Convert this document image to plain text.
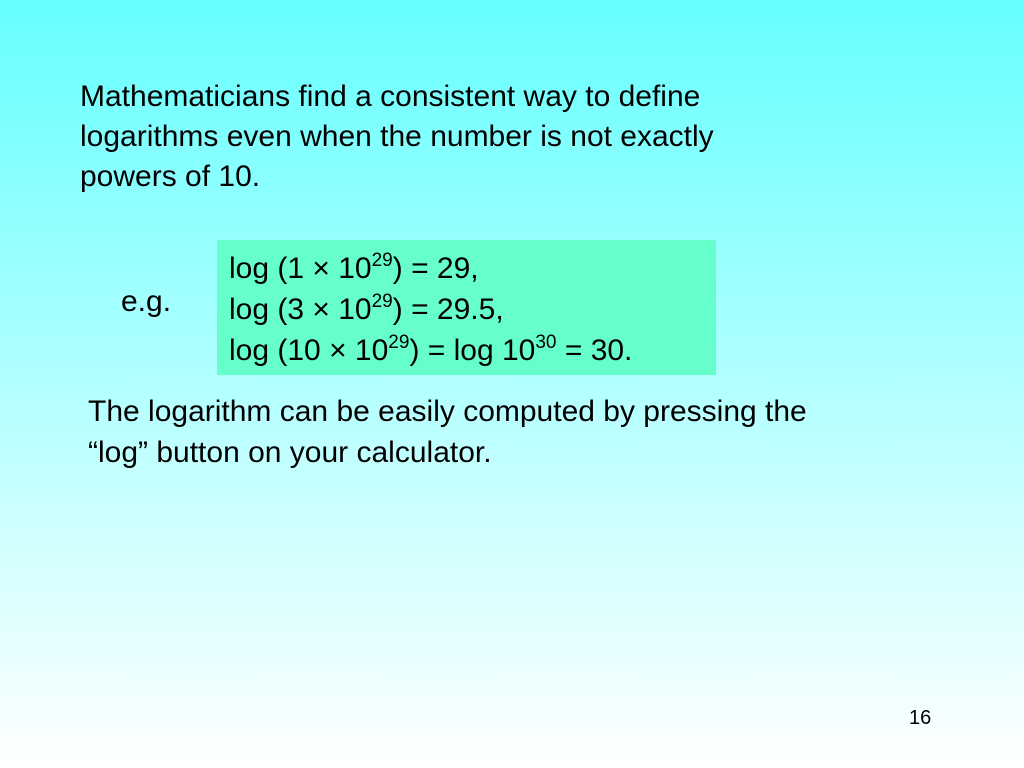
Mathematicians find a consistent way to define
logarithms even when the number is not exactly
powers of 10.

e.g.
$\log (1 \times 10^{29}) = 29$,
$\log (3 \times 10^{29}) = 29.5$,
$\log (10 \times 10^{29}) = \log 10^{30} = 30$.

The logarithm can be easily computed by pressing the
“log” button on your calculator.

16
